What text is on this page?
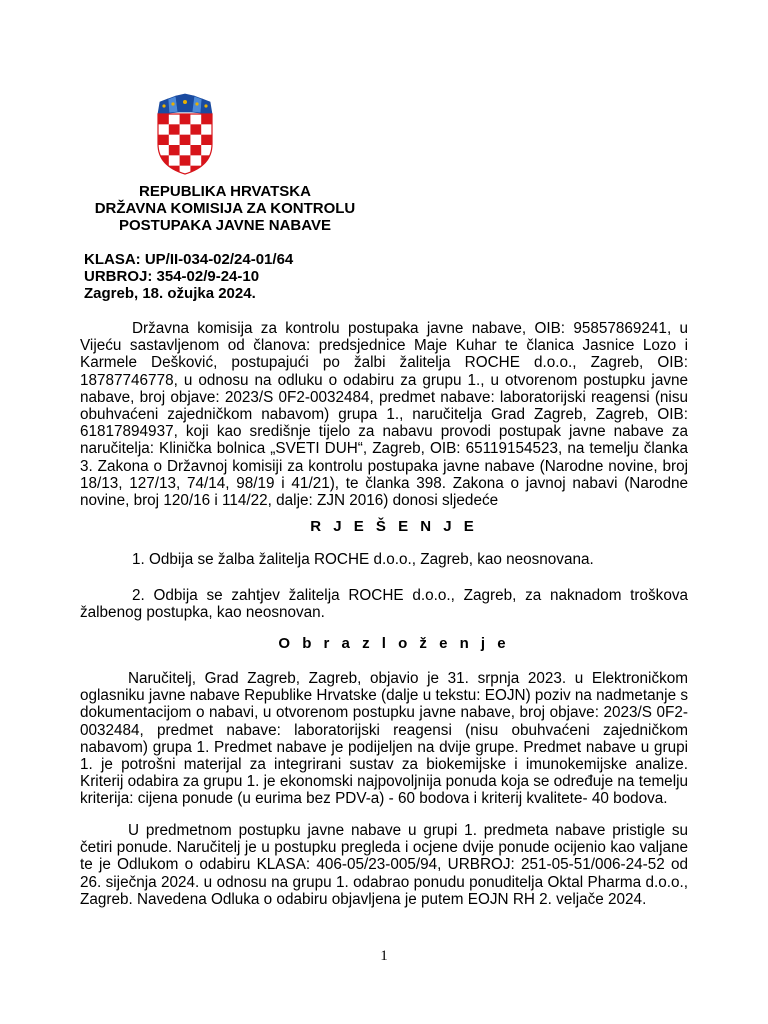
REPUBLIKA HRVATSKA
DRŽAVNA KOMISIJA ZA KONTROLU
POSTUPAKA JAVNE NABAVE
KLASA: UP/II-034-02/24-01/64
URBROJ: 354-02/9-24-10
Zagreb, 18. ožujka 2024.
Državna komisija za kontrolu postupaka javne nabave, OIB: 95857869241, u Vijeću sastavljenom od članova: predsjednice Maje Kuhar te članica Jasnice Lozo i Karmele Dešković, postupajući po žalbi žalitelja ROCHE d.o.o., Zagreb, OIB: 18787746778, u odnosu na odluku o odabiru za grupu 1., u otvorenom postupku javne nabave, broj objave: 2023/S 0F2-0032484, predmet nabave: laboratorijski reagensi (nisu obuhvaćeni zajedničkom nabavom) grupa 1., naručitelja Grad Zagreb, Zagreb, OIB: 61817894937, koji kao središnje tijelo za nabavu provodi postupak javne nabave za naručitelja: Klinička bolnica „SVETI DUH“, Zagreb, OIB: 65119154523, na temelju članka 3. Zakona o Državnoj komisiji za kontrolu postupaka javne nabave (Narodne novine, broj 18/13, 127/13, 74/14, 98/19 i 41/21), te članka 398. Zakona o javnoj nabavi (Narodne novine, broj 120/16 i 114/22, dalje: ZJN 2016) donosi sljedeće
R J E Š E N J E
1. Odbija se žalba žalitelja ROCHE d.o.o., Zagreb, kao neosnovana.
2. Odbija se zahtjev žalitelja ROCHE d.o.o., Zagreb, za naknadom troškova žalbenog postupka, kao neosnovan.
O b r a z l o ž e n j e
Naručitelj, Grad Zagreb, Zagreb, objavio je 31. srpnja 2023. u Elektroničkom oglasniku javne nabave Republike Hrvatske (dalje u tekstu: EOJN) poziv na nadmetanje s dokumentacijom o nabavi, u otvorenom postupku javne nabave, broj objave: 2023/S 0F2-0032484, predmet nabave: laboratorijski reagensi (nisu obuhvaćeni zajedničkom nabavom) grupa 1. Predmet nabave je podijeljen na dvije grupe. Predmet nabave u grupi 1. je potrošni materijal za integrirani sustav za biokemijske i imunokemijske analize. Kriterij odabira za grupu 1. je ekonomski najpovoljnija ponuda koja se određuje na temelju kriterija: cijena ponude (u eurima bez PDV-a) - 60 bodova i kriterij kvalitete- 40 bodova.
U predmetnom postupku javne nabave u grupi 1. predmeta nabave pristigle su četiri ponude. Naručitelj je u postupku pregleda i ocjene dvije ponude ocijenio kao valjane te je Odlukom o odabiru KLASA: 406-05/23-005/94, URBROJ: 251-05-51/006-24-52 od 26. siječnja 2024. u odnosu na grupu 1. odabrao ponudu ponuditelja Oktal Pharma d.o.o., Zagreb. Navedena Odluka o odabiru objavljena je putem EOJN RH 2. veljače 2024.
1
